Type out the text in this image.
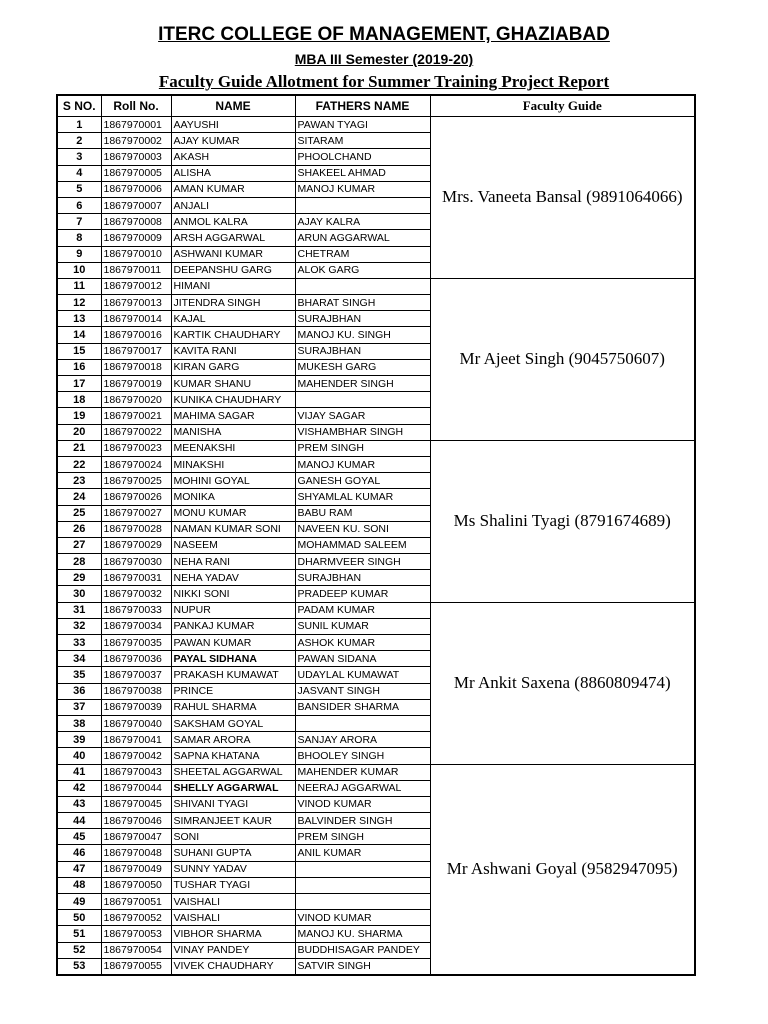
ITERC COLLEGE OF MANAGEMENT, GHAZIABAD
MBA III Semester (2019-20)
Faculty Guide Allotment for Summer Training Project Report
S NO.	Roll No.	NAME	FATHERS NAME	Faculty Guide
1	1867970001	AAYUSHI	PAWAN TYAGI	Mrs. Vaneeta Bansal (9891064066)
2	1867970002	AJAY KUMAR	SITARAM	
3	1867970003	AKASH	PHOOLCHAND	
4	1867970005	ALISHA	SHAKEEL AHMAD	
5	1867970006	AMAN KUMAR	MANOJ KUMAR	
6	1867970007	ANJALI		
7	1867970008	ANMOL KALRA	AJAY KALRA	
8	1867970009	ARSH AGGARWAL	ARUN AGGARWAL	
9	1867970010	ASHWANI KUMAR	CHETRAM	
10	1867970011	DEEPANSHU GARG	ALOK GARG	
11	1867970012	HIMANI		Mr Ajeet Singh (9045750607)
12	1867970013	JITENDRA SINGH	BHARAT SINGH	
13	1867970014	KAJAL	SURAJBHAN	
14	1867970016	KARTIK CHAUDHARY	MANOJ KU. SINGH	
15	1867970017	KAVITA RANI	SURAJBHAN	
16	1867970018	KIRAN GARG	MUKESH GARG	
17	1867970019	KUMAR SHANU	MAHENDER SINGH	
18	1867970020	KUNIKA CHAUDHARY		
19	1867970021	MAHIMA SAGAR	VIJAY SAGAR	
20	1867970022	MANISHA	VISHAMBHAR SINGH	
21	1867970023	MEENAKSHI	PREM SINGH	Ms Shalini Tyagi (8791674689)
22	1867970024	MINAKSHI	MANOJ KUMAR	
23	1867970025	MOHINI GOYAL	GANESH GOYAL	
24	1867970026	MONIKA	SHYAMLAL KUMAR	
25	1867970027	MONU KUMAR	BABU RAM	
26	1867970028	NAMAN KUMAR SONI	NAVEEN KU. SONI	
27	1867970029	NASEEM	MOHAMMAD SALEEM	
28	1867970030	NEHA RANI	DHARMVEER SINGH	
29	1867970031	NEHA YADAV	SURAJBHAN	
30	1867970032	NIKKI SONI	PRADEEP KUMAR	
31	1867970033	NUPUR	PADAM KUMAR	Mr Ankit Saxena (8860809474)
32	1867970034	PANKAJ KUMAR	SUNIL KUMAR	
33	1867970035	PAWAN KUMAR	ASHOK KUMAR	
34	1867970036	PAYAL SIDHANA	PAWAN SIDANA	
35	1867970037	PRAKASH KUMAWAT	UDAYLAL KUMAWAT	
36	1867970038	PRINCE	JASVANT SINGH	
37	1867970039	RAHUL SHARMA	BANSIDER SHARMA	
38	1867970040	SAKSHAM GOYAL		
39	1867970041	SAMAR ARORA	SANJAY ARORA	
40	1867970042	SAPNA KHATANA	BHOOLEY SINGH	
41	1867970043	SHEETAL AGGARWAL	MAHENDER KUMAR	Mr Ashwani Goyal (9582947095)
42	1867970044	SHELLY AGGARWAL	NEERAJ AGGARWAL	
43	1867970045	SHIVANI TYAGI	VINOD KUMAR	
44	1867970046	SIMRANJEET KAUR	BALVINDER SINGH	
45	1867970047	SONI	PREM SINGH	
46	1867970048	SUHANI GUPTA	ANIL KUMAR	
47	1867970049	SUNNY YADAV		
48	1867970050	TUSHAR TYAGI		
49	1867970051	VAISHALI		
50	1867970052	VAISHALI	VINOD KUMAR	
51	1867970053	VIBHOR SHARMA	MANOJ KU. SHARMA	
52	1867970054	VINAY PANDEY	BUDDHISAGAR PANDEY	
53	1867970055	VIVEK CHAUDHARY	SATVIR SINGH	
